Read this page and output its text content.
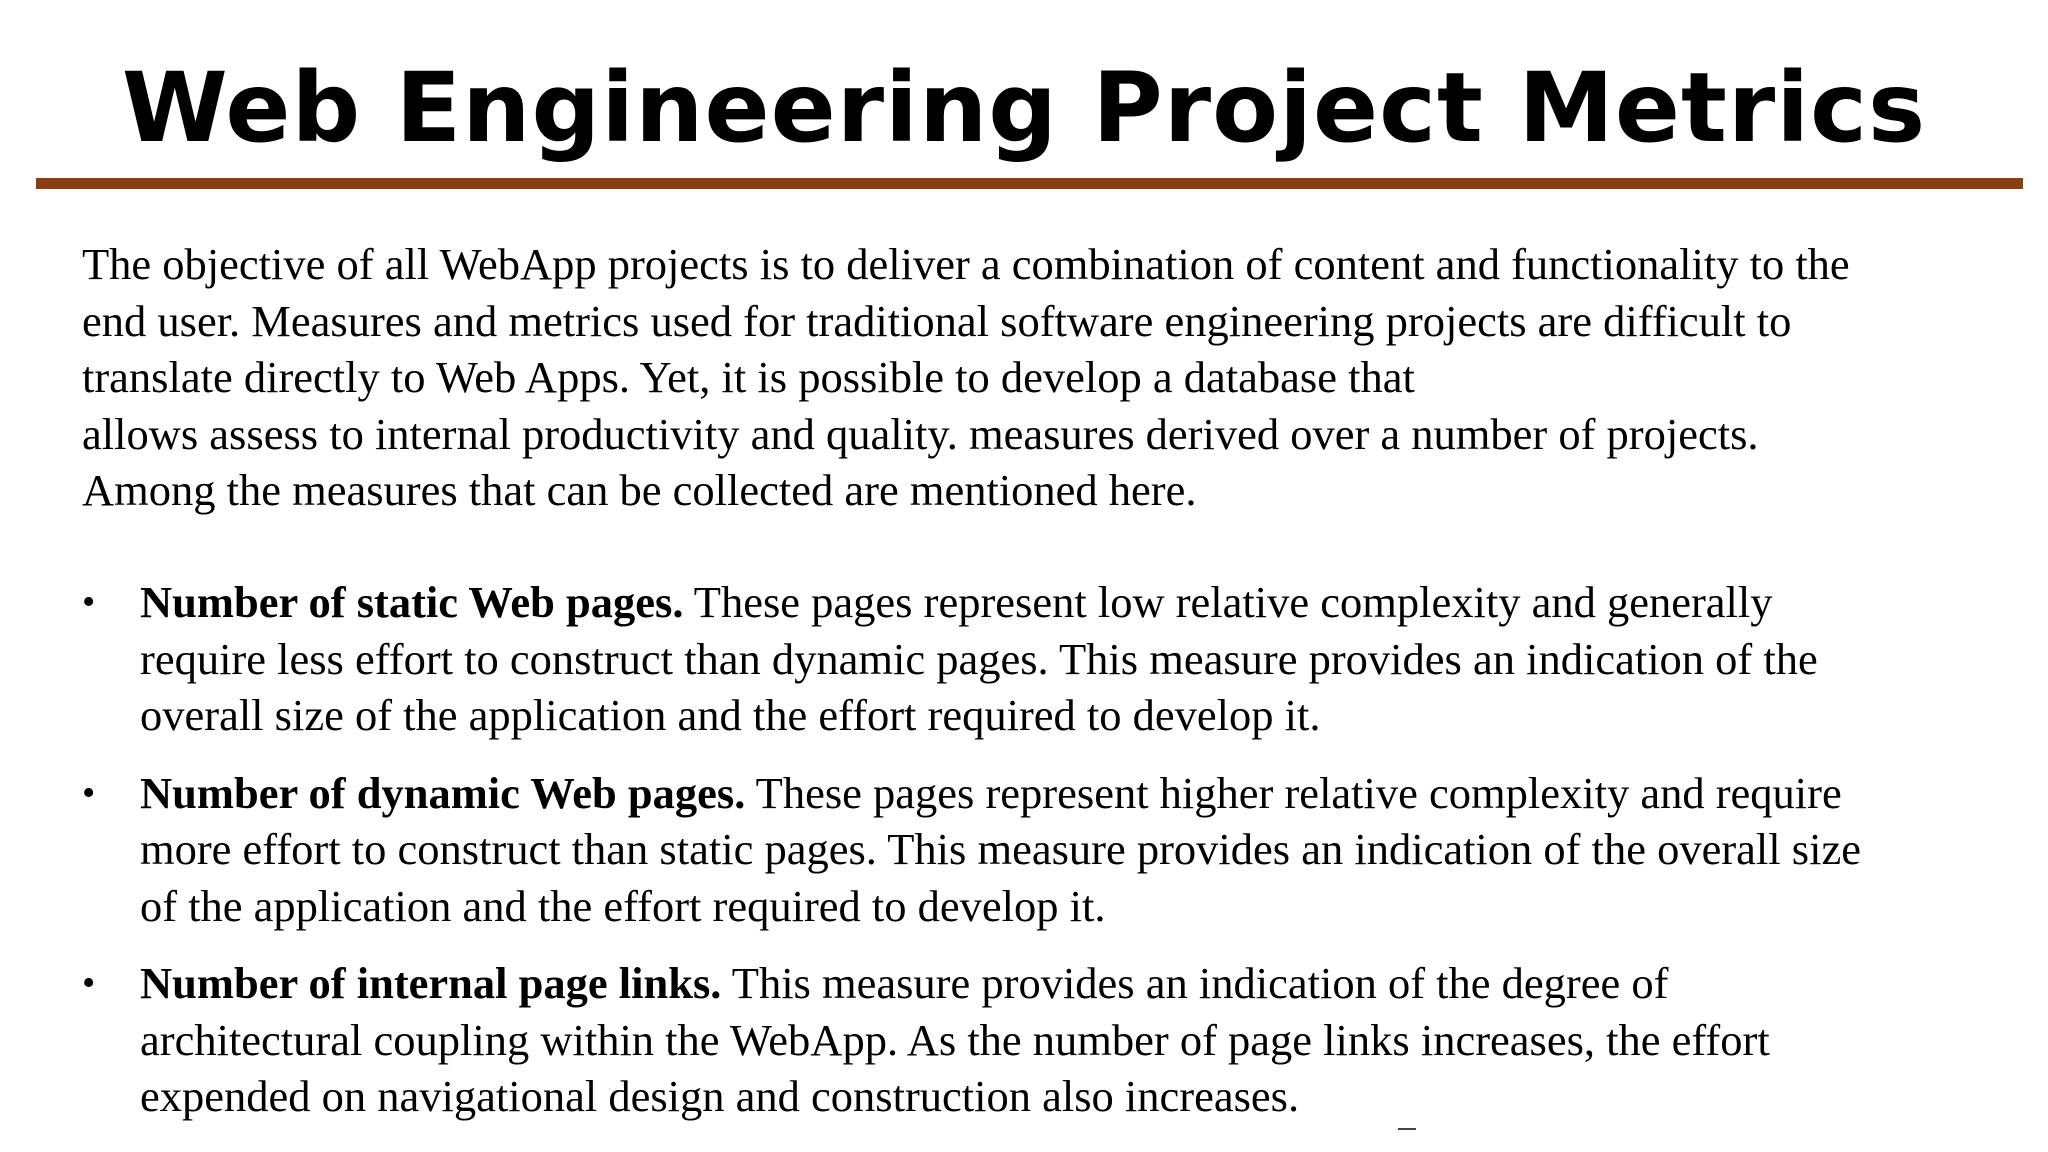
Web Engineering Project Metrics
The objective of all WebApp projects is to deliver a combination of content and functionality to the
end user. Measures and metrics used for traditional software engineering projects are difficult to
translate directly to Web Apps. Yet, it is possible to develop a database that
allows assess to internal productivity and quality. measures derived over a number of projects.
Among the measures that can be collected are mentioned here.
• Number of static Web pages. These pages represent low relative complexity and generally
require less effort to construct than dynamic pages. This measure provides an indication of the
overall size of the application and the effort required to develop it.
• Number of dynamic Web pages. These pages represent higher relative complexity and require
more effort to construct than static pages. This measure provides an indication of the overall size
of the application and the effort required to develop it.
• Number of internal page links. This measure provides an indication of the degree of
architectural coupling within the WebApp. As the number of page links increases, the effort
expended on navigational design and construction also increases.
